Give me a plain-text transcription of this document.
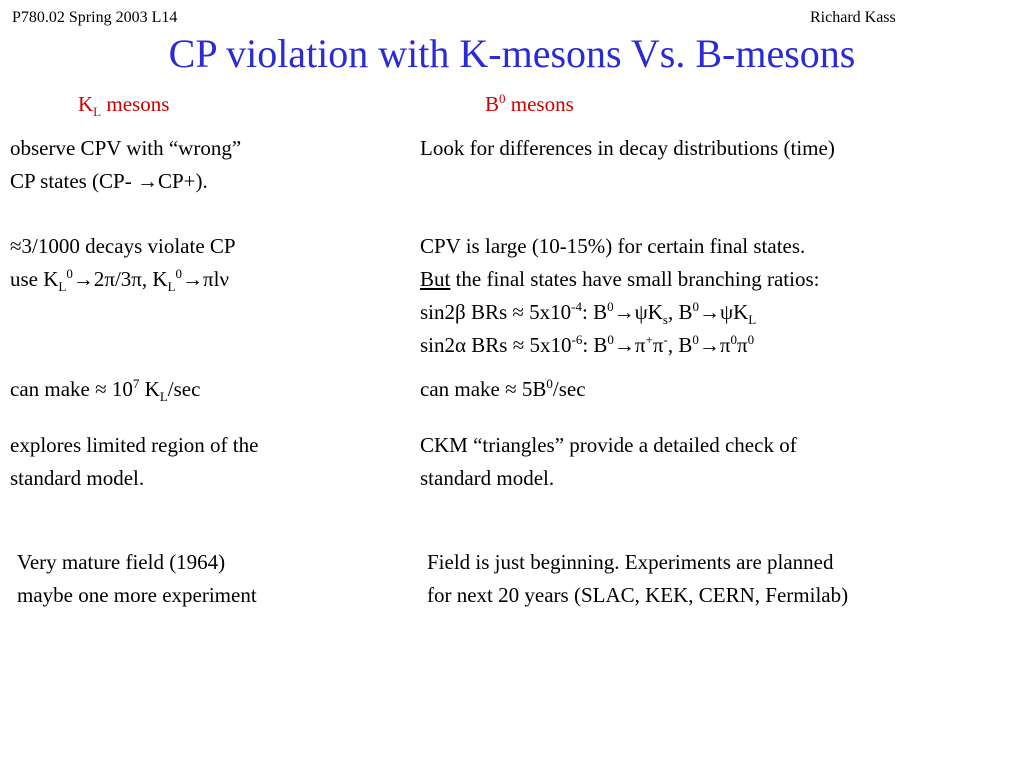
P780.02 Spring 2003 L14	Richard Kass
CP violation with K-mesons Vs. B-mesons
$K_L$ mesons	$B^0$ mesons
observe CPV with “wrong”
CP states (CP- →CP+).
≈3/1000 decays violate CP
use $K_L^0\to 2\pi/3\pi$, $K_L^0\to\pi l\nu$
can make ≈ $10^7$ $K_L/\sec$
explores limited region of the
standard model.
Very mature field (1964)
maybe one more experiment
Look for differences in decay distributions (time)
CPV is large (10-15%) for certain final states.
But the final states have small branching ratios:
sin2β BRs ≈ $5x10^{-4}$: $B^0\to\psi K_s$, $B^0\to\psi K_L$
sin2α BRs ≈ $5x10^{-6}$: $B^0\to\pi^+\pi^-$, $B^0\to\pi^0\pi^0$
can make ≈ $5B^0/\sec$
CKM “triangles” provide a detailed check of
standard model.
Field is just beginning. Experiments are planned
for next 20 years (SLAC, KEK, CERN, Fermilab)
